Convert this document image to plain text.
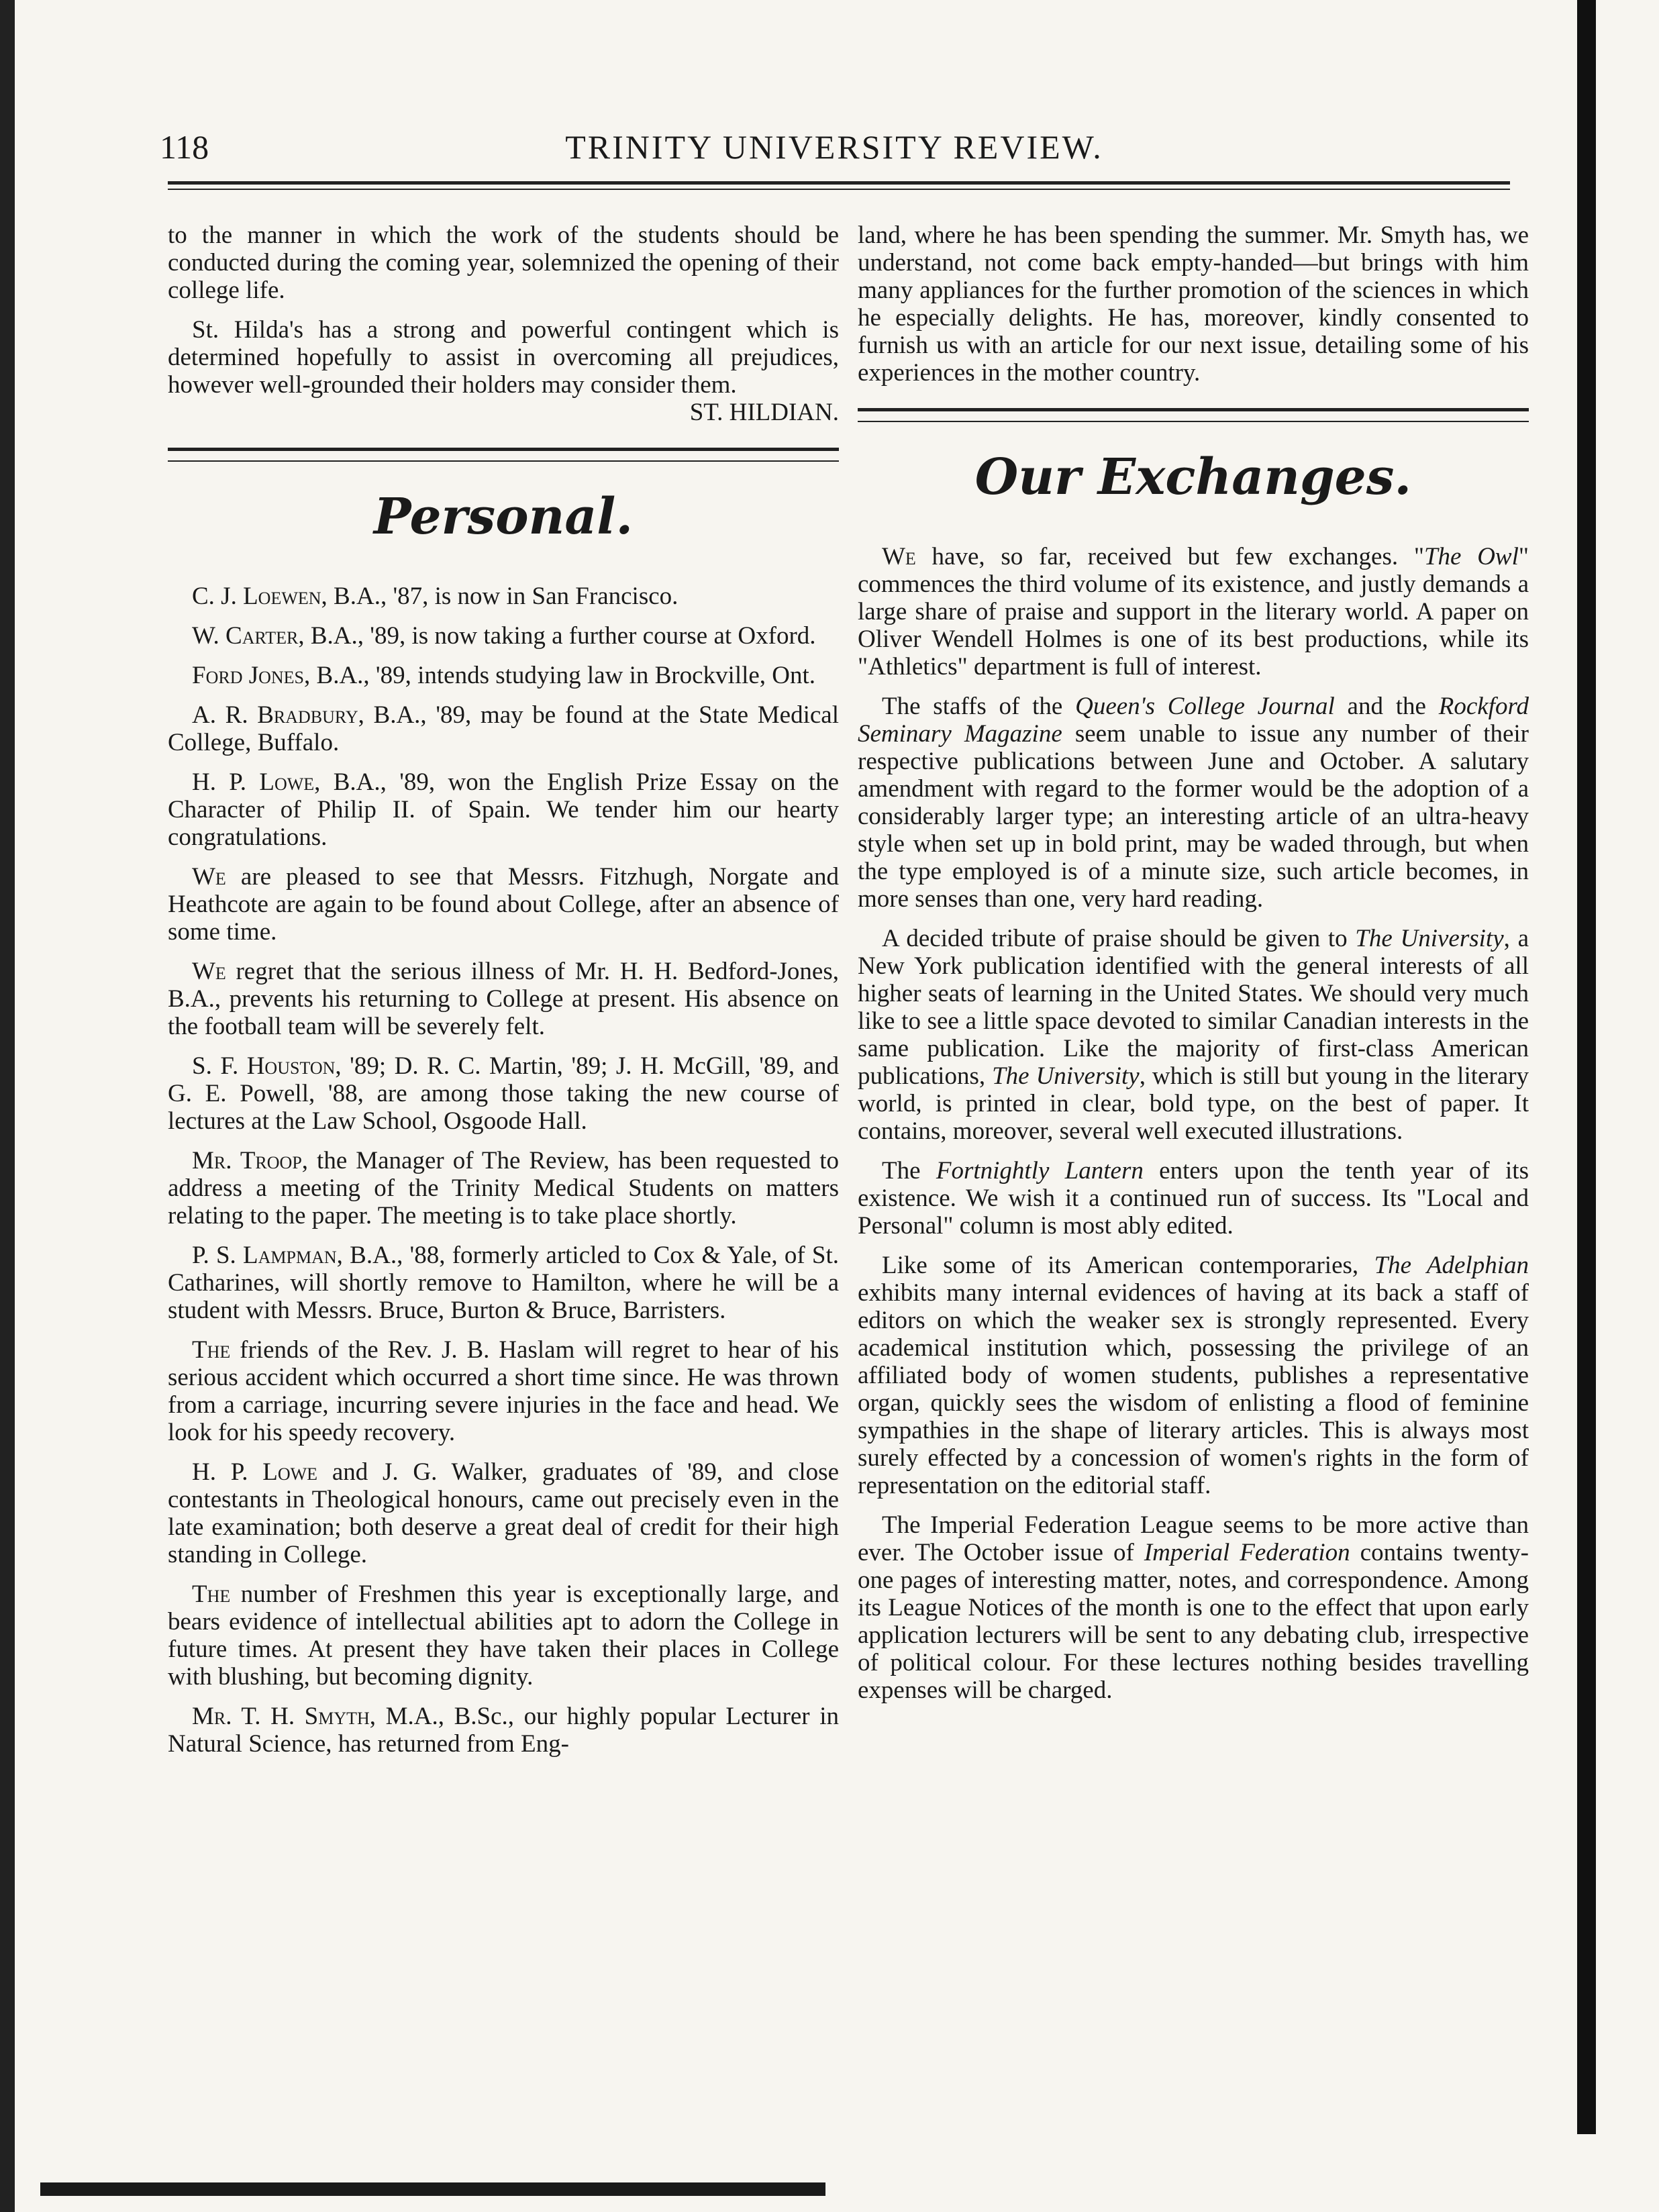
118	TRINITY UNIVERSITY REVIEW.

to the manner in which the work of the students should be conducted during the coming year, solemnized the opening of their college life.

St. Hilda's has a strong and powerful contingent which is determined hopefully to assist in overcoming all prejudices, however well-grounded their holders may consider them.

ST. HILDIAN.
Personal.

C. J. Loewen, B.A., '87, is now in San Francisco.

W. Carter, B.A., '89, is now taking a further course at Oxford.

Ford Jones, B.A., '89, intends studying law in Brockville, Ont.

A. R. Bradbury, B.A., '89, may be found at the State Medical College, Buffalo.

H. P. Lowe, B.A., '89, won the English Prize Essay on the Character of Philip II. of Spain. We tender him our hearty congratulations.

We are pleased to see that Messrs. Fitzhugh, Norgate and Heathcote are again to be found about College, after an absence of some time.

We regret that the serious illness of Mr. H. H. Bedford-Jones, B.A., prevents his returning to College at present. His absence on the football team will be severely felt.

S. F. Houston, '89; D. R. C. Martin, '89; J. H. McGill, '89, and G. E. Powell, '88, are among those taking the new course of lectures at the Law School, Osgoode Hall.

Mr. Troop, the Manager of The Review, has been requested to address a meeting of the Trinity Medical Students on matters relating to the paper. The meeting is to take place shortly.

P. S. Lampman, B.A., '88, formerly articled to Cox & Yale, of St. Catharines, will shortly remove to Hamilton, where he will be a student with Messrs. Bruce, Burton & Bruce, Barristers.

The friends of the Rev. J. B. Haslam will regret to hear of his serious accident which occurred a short time since. He was thrown from a carriage, incurring severe injuries in the face and head. We look for his speedy recovery.

H. P. Lowe and J. G. Walker, graduates of '89, and close contestants in Theological honours, came out precisely even in the late examination; both deserve a great deal of credit for their high standing in College.

The number of Freshmen this year is exceptionally large, and bears evidence of intellectual abilities apt to adorn the College in future times. At present they have taken their places in College with blushing, but becoming dignity.

Mr. T. H. Smyth, M.A., B.Sc., our highly popular Lecturer in Natural Science, has returned from Eng-

land, where he has been spending the summer. Mr. Smyth has, we understand, not come back empty-handed—but brings with him many appliances for the further promotion of the sciences in which he especially delights. He has, moreover, kindly consented to furnish us with an article for our next issue, detailing some of his experiences in the mother country.

Our Exchanges.

We have, so far, received but few exchanges. "The Owl" commences the third volume of its existence, and justly demands a large share of praise and support in the literary world. A paper on Oliver Wendell Holmes is one of its best productions, while its "Athletics" department is full of interest.

The staffs of the Queen's College Journal and the Rockford Seminary Magazine seem unable to issue any number of their respective publications between June and October. A salutary amendment with regard to the former would be the adoption of a considerably larger type; an interesting article of an ultra-heavy style when set up in bold print, may be waded through, but when the type employed is of a minute size, such article becomes, in more senses than one, very hard reading.

A decided tribute of praise should be given to The University, a New York publication identified with the general interests of all higher seats of learning in the United States. We should very much like to see a little space devoted to similar Canadian interests in the same publication. Like the majority of first-class American publications, The University, which is still but young in the literary world, is printed in clear, bold type, on the best of paper. It contains, moreover, several well executed illustrations.

The Fortnightly Lantern enters upon the tenth year of its existence. We wish it a continued run of success. Its "Local and Personal" column is most ably edited.

Like some of its American contemporaries, The Adelphian exhibits many internal evidences of having at its back a staff of editors on which the weaker sex is strongly represented. Every academical institution which, possessing the privilege of an affiliated body of women students, publishes a representative organ, quickly sees the wisdom of enlisting a flood of feminine sympathies in the shape of literary articles. This is always most surely effected by a concession of women's rights in the form of representation on the editorial staff.

The Imperial Federation League seems to be more active than ever. The October issue of Imperial Federation contains twenty-one pages of interesting matter, notes, and correspondence. Among its League Notices of the month is one to the effect that upon early application lecturers will be sent to any debating club, irrespective of political colour. For these lectures nothing besides travelling expenses will be charged.
